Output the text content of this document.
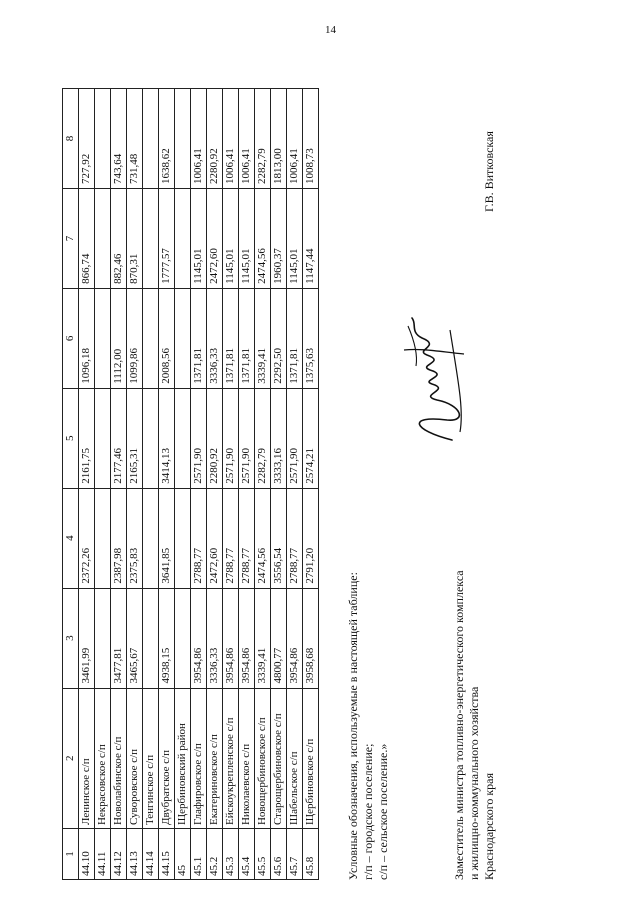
14
1	2	3	4	5	6	7	8
44.10	Ленинское с/п	3461,99	2372,26	2161,75	1096,18	866,74	727,92
44.11	Некрасовское с/п						
44.12	Новолабинское с/п	3477,81	2387,98	2177,46	1112,00	882,46	743,64
44.13	Суворовское с/п	3465,67	2375,83	2165,31	1099,86	870,31	731,48
44.14	Тенгинское с/п						
44.15	Двубратское с/п	4938,15	3641,85	3414,13	2008,56	1777,57	1638,62
45	Щербиновский район						
45.1	Глафировское с/п	3954,86	2788,77	2571,90	1371,81	1145,01	1006,41
45.2	Екатериновское с/п	3336,33	2472,60	2280,92	3336,33	2472,60	2280,92
45.3	Ейскоукрепленское с/п	3954,86	2788,77	2571,90	1371,81	1145,01	1006,41
45.4	Николаевское с/п	3954,86	2788,77	2571,90	1371,81	1145,01	1006,41
45.5	Новощербиновское с/п	3339,41	2474,56	2282,79	3339,41	2474,56	2282,79
45.6	Старощербиновское с/п	4800,77	3556,54	3333,16	2292,50	1960,37	1813,00
45.7	Шабельское с/п	3954,86	2788,77	2571,90	1371,81	1145,01	1006,41
45.8	Щербиновское с/п	3958,68	2791,20	2574,21	1375,63	1147,44	1008,73
Условные обозначения, используемые в настоящей таблице: г/п – городское поселение; с/п – сельское поселение.»	Заместитель министра топливно-энергетического комплекса и жилищно-коммунального хозяйства Краснодарского края
Г.В. Витковская
